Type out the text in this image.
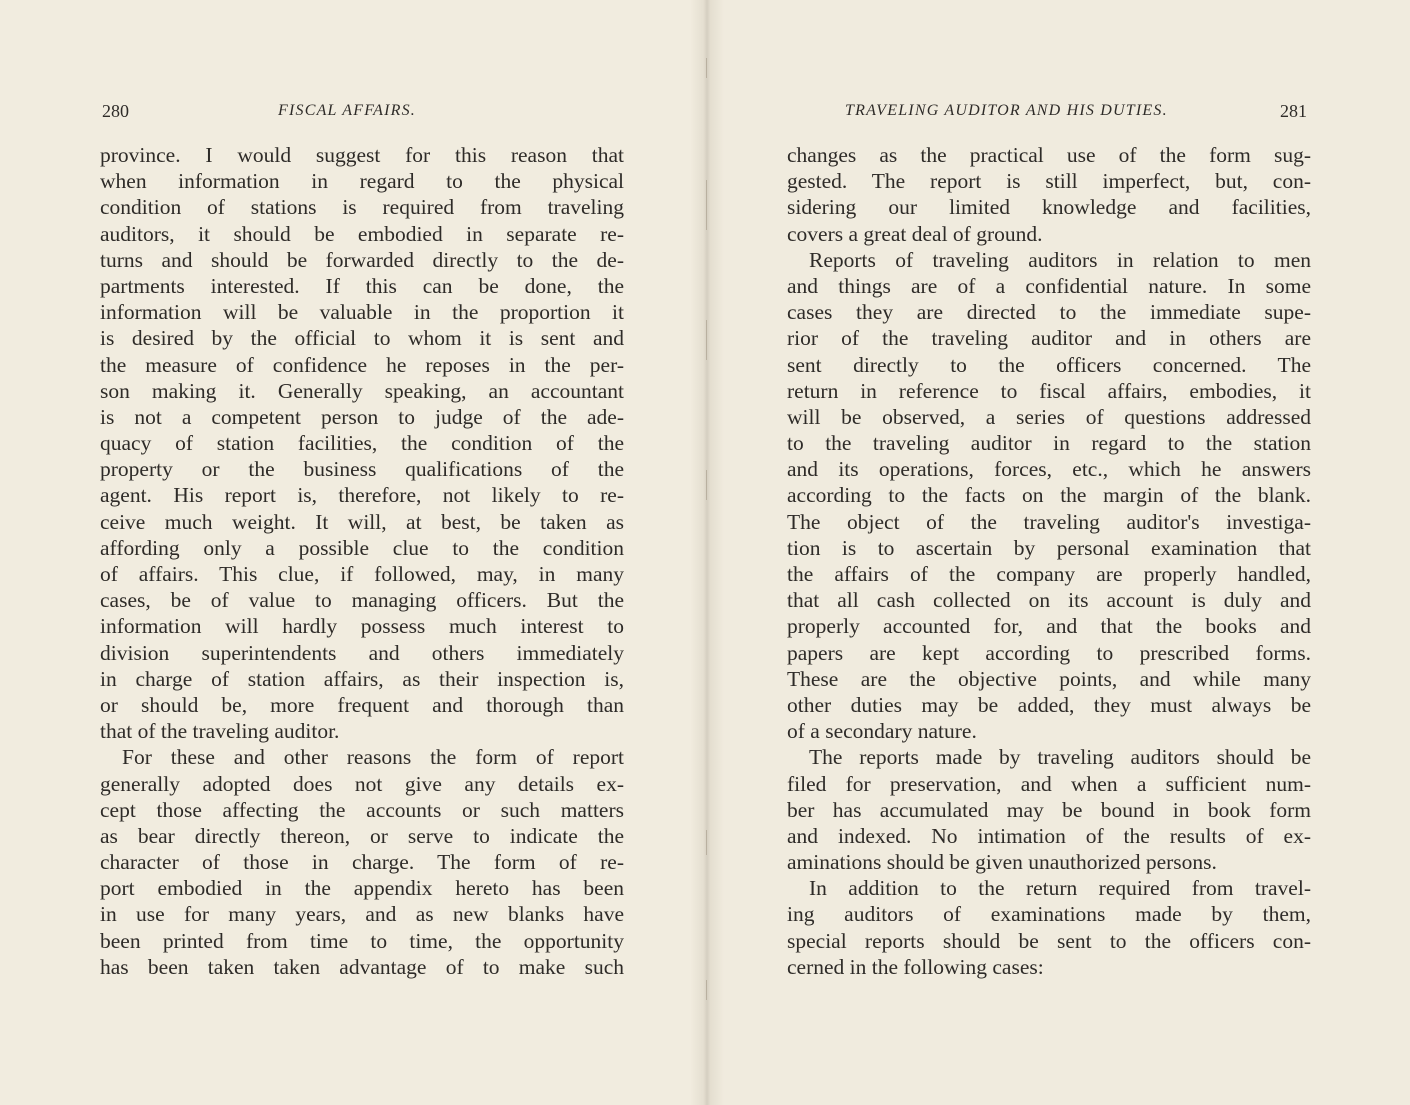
280	FISCAL AFFAIRS.
province. I would suggest for this reason that
when information in regard to the physical
condition of stations is required from traveling
auditors, it should be embodied in separate re-
turns and should be forwarded directly to the de-
partments interested. If this can be done, the
information will be valuable in the proportion it
is desired by the official to whom it is sent and
the measure of confidence he reposes in the per-
son making it. Generally speaking, an accountant
is not a competent person to judge of the ade-
quacy of station facilities, the condition of the
property or the business qualifications of the
agent. His report is, therefore, not likely to re-
ceive much weight. It will, at best, be taken as
affording only a possible clue to the condition
of affairs. This clue, if followed, may, in many
cases, be of value to managing officers. But the
information will hardly possess much interest to
division superintendents and others immediately
in charge of station affairs, as their inspection is,
or should be, more frequent and thorough than
that of the traveling auditor.
For these and other reasons the form of report
generally adopted does not give any details ex-
cept those affecting the accounts or such matters
as bear directly thereon, or serve to indicate the
character of those in charge. The form of re-
port embodied in the appendix hereto has been
in use for many years, and as new blanks have
been printed from time to time, the opportunity
has been taken taken advantage of to make such
TRAVELING AUDITOR AND HIS DUTIES.	281
changes as the practical use of the form sug-
gested. The report is still imperfect, but, con-
sidering our limited knowledge and facilities,
covers a great deal of ground.
Reports of traveling auditors in relation to men
and things are of a confidential nature. In some
cases they are directed to the immediate supe-
rior of the traveling auditor and in others are
sent directly to the officers concerned. The
return in reference to fiscal affairs, embodies, it
will be observed, a series of questions addressed
to the traveling auditor in regard to the station
and its operations, forces, etc., which he answers
according to the facts on the margin of the blank.
The object of the traveling auditor's investiga-
tion is to ascertain by personal examination that
the affairs of the company are properly handled,
that all cash collected on its account is duly and
properly accounted for, and that the books and
papers are kept according to prescribed forms.
These are the objective points, and while many
other duties may be added, they must always be
of a secondary nature.
The reports made by traveling auditors should be
filed for preservation, and when a sufficient num-
ber has accumulated may be bound in book form
and indexed. No intimation of the results of ex-
aminations should be given unauthorized persons.
In addition to the return required from travel-
ing auditors of examinations made by them,
special reports should be sent to the officers con-
cerned in the following cases:
